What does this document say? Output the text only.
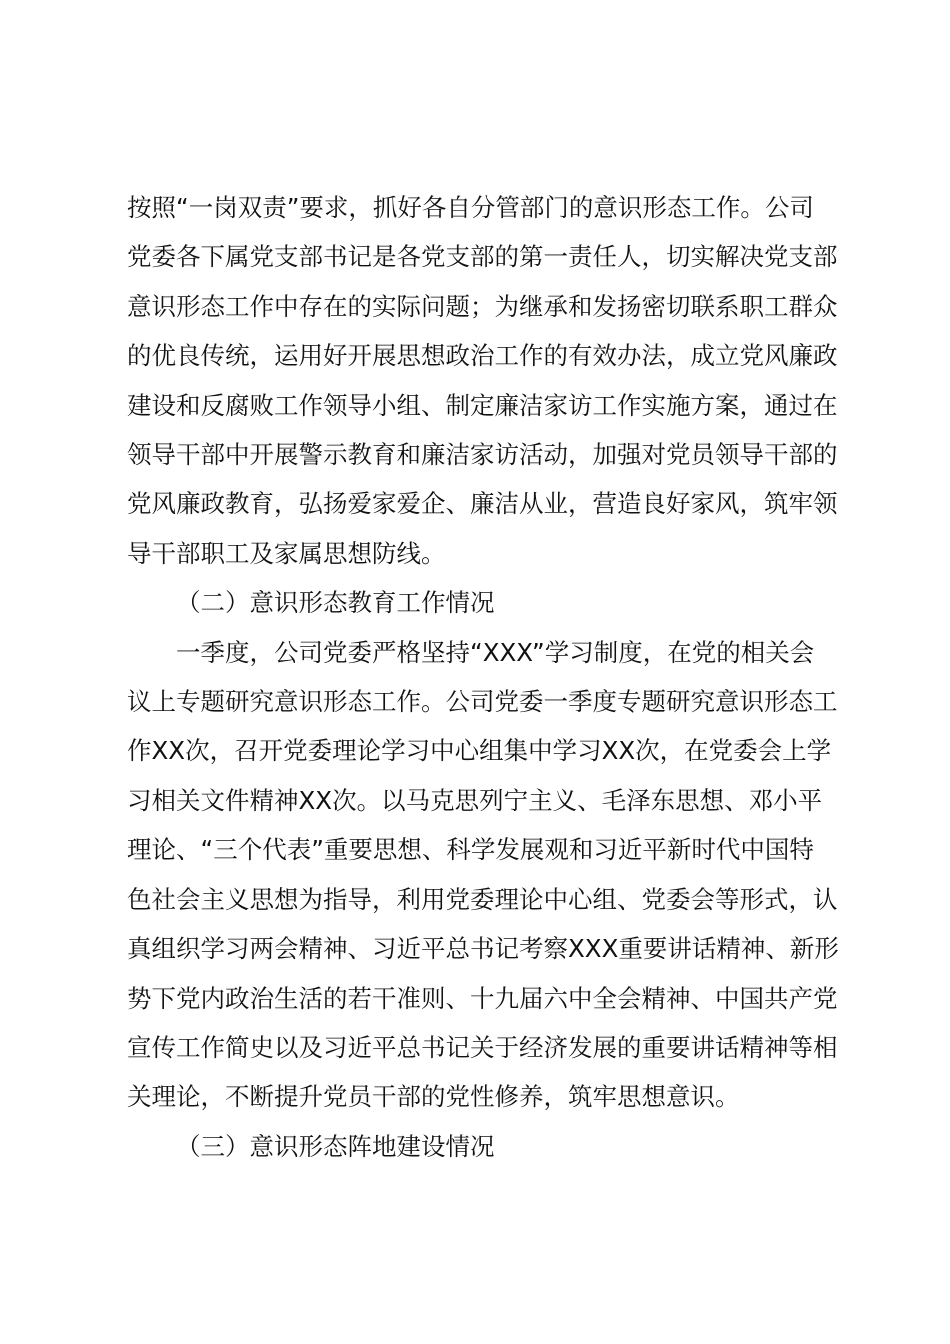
按照“一岗双责”要求，抓好各自分管部门的意识形态工作。公司
党委各下属党支部书记是各党支部的第一责任人，切实解决党支部
意识形态工作中存在的实际问题；为继承和发扬密切联系职工群众
的优良传统，运用好开展思想政治工作的有效办法，成立党风廉政
建设和反腐败工作领导小组、制定廉洁家访工作实施方案，通过在
领导干部中开展警示教育和廉洁家访活动，加强对党员领导干部的
党风廉政教育，弘扬爱家爱企、廉洁从业，营造良好家风，筑牢领
导干部职工及家属思想防线。

（二）意识形态教育工作情况

一季度，公司党委严格坚持“XXX”学习制度，在党的相关会
议上专题研究意识形态工作。公司党委一季度专题研究意识形态工
作XX次，召开党委理论学习中心组集中学习XX次，在党委会上学
习相关文件精神XX次。以马克思列宁主义、毛泽东思想、邓小平
理论、“三个代表”重要思想、科学发展观和习近平新时代中国特
色社会主义思想为指导，利用党委理论中心组、党委会等形式，认
真组织学习两会精神、习近平总书记考察XXX重要讲话精神、新形
势下党内政治生活的若干准则、十九届六中全会精神、中国共产党
宣传工作简史以及习近平总书记关于经济发展的重要讲话精神等相
关理论，不断提升党员干部的党性修养，筑牢思想意识。

（三）意识形态阵地建设情况
